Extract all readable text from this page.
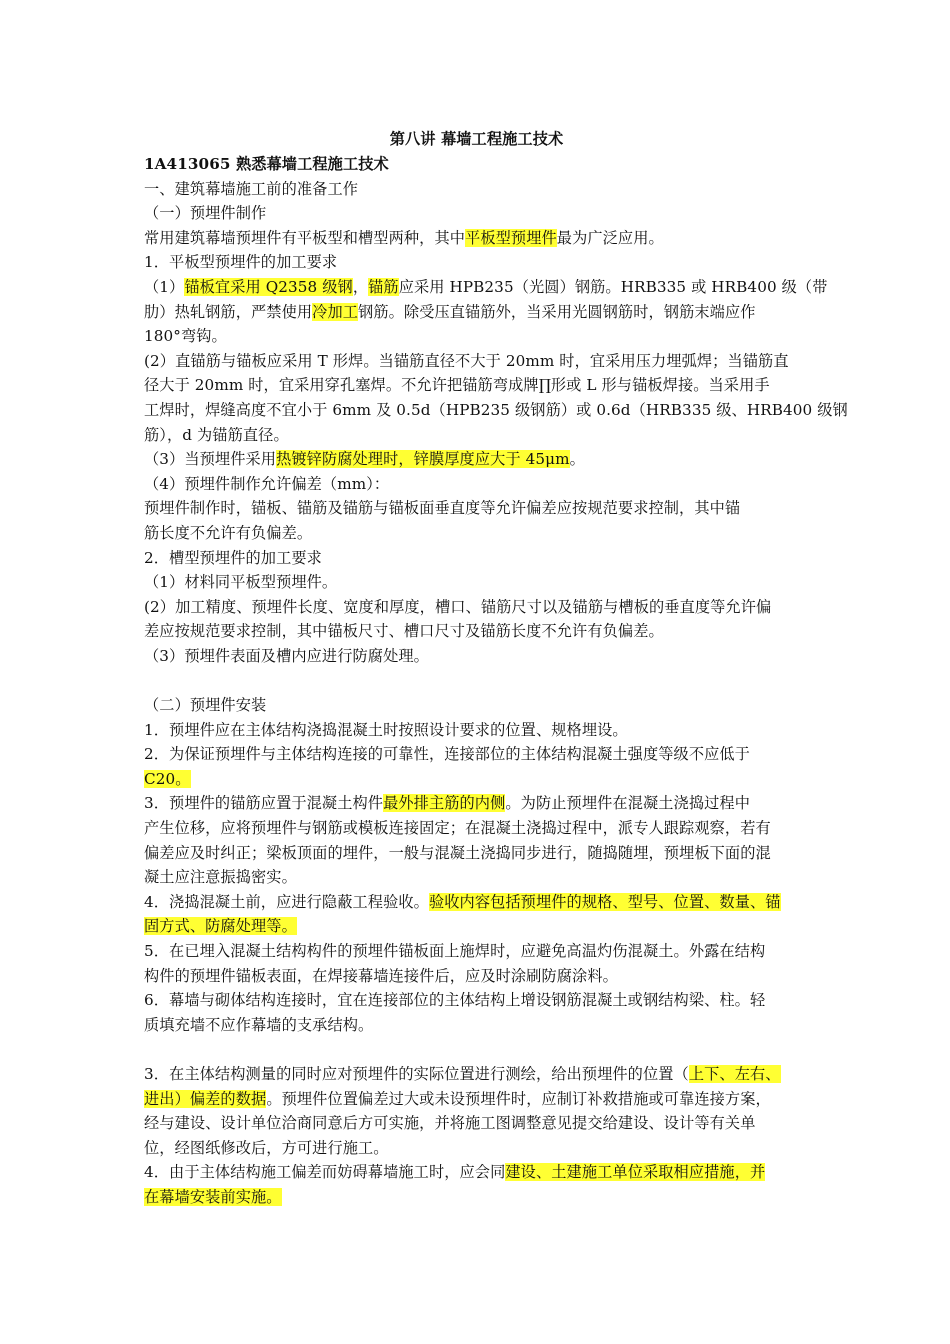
第八讲 幕墙工程施工技术
1A413065 熟悉幕墙工程施工技术
一、建筑幕墙施工前的准备工作
（一）预埋件制作
常用建筑幕墙预埋件有平板型和槽型两种，其中平板型预埋件最为广泛应用。
1．平板型预埋件的加工要求
（1）锚板宜采用 Q2358 级钢，锚筋应采用 HPB235（光圆）钢筋。HRB335 或 HRB400 级（带
肋）热轧钢筋，严禁使用冷加工钢筋。除受压直锚筋外，当采用光圆钢筋时，钢筋末端应作
180°弯钩。
(2）直锚筋与锚板应采用 T 形焊。当锚筋直径不大于 20mm 时，宜采用压力埋弧焊；当锚筋直
径大于 20mm 时，宜采用穿孔塞焊。不允许把锚筋弯成牌∏形或 L 形与锚板焊接。当采用手
工焊时，焊缝高度不宜小于 6mm 及 0.5d（HPB235 级钢筋）或 0.6d（HRB335 级、HRB400 级钢
筋），d 为锚筋直径。
（3）当预埋件采用热镀锌防腐处理时，锌膜厚度应大于 45μm。
（4）预埋件制作允许偏差（mm）：
预埋件制作时，锚板、锚筋及锚筋与锚板面垂直度等允许偏差应按规范要求控制，其中锚
筋长度不允许有负偏差。
2．槽型预埋件的加工要求
（1）材料同平板型预埋件。
(2）加工精度、预埋件长度、宽度和厚度，槽口、锚筋尺寸以及锚筋与槽板的垂直度等允许偏
差应按规范要求控制，其中锚板尺寸、槽口尺寸及锚筋长度不允许有负偏差。
（3）预埋件表面及槽内应进行防腐处理。
（二）预埋件安装
1．预埋件应在主体结构浇捣混凝土时按照设计要求的位置、规格埋设。
2．为保证预埋件与主体结构连接的可靠性，连接部位的主体结构混凝土强度等级不应低于
C20。
3．预埋件的锚筋应置于混凝土构件最外排主筋的内侧。为防止预埋件在混凝土浇捣过程中
产生位移，应将预埋件与钢筋或模板连接固定；在混凝土浇捣过程中，派专人跟踪观察，若有
偏差应及时纠正；梁板顶面的埋件，一般与混凝土浇捣同步进行，随捣随埋，预埋板下面的混
凝土应注意振捣密实。
4．浇捣混凝土前，应进行隐蔽工程验收。验收内容包括预埋件的规格、型号、位置、数量、锚
固方式、防腐处理等。
5．在已埋入混凝土结构构件的预埋件锚板面上施焊时，应避免高温灼伤混凝土。外露在结构
构件的预埋件锚板表面，在焊接幕墙连接件后，应及时涂刷防腐涂料。
6．幕墙与砌体结构连接时，宜在连接部位的主体结构上增设钢筋混凝土或钢结构梁、柱。轻
质填充墙不应作幕墙的支承结构。
3．在主体结构测量的同时应对预埋件的实际位置进行测绘，给出预埋件的位置（上下、左右、
进出）偏差的数据。预埋件位置偏差过大或未设预埋件时，应制订补救措施或可靠连接方案，
经与建设、设计单位洽商同意后方可实施，并将施工图调整意见提交给建设、设计等有关单
位，经图纸修改后，方可进行施工。
4．由于主体结构施工偏差而妨碍幕墙施工时，应会同建设、土建施工单位采取相应措施，并
在幕墙安装前实施。
